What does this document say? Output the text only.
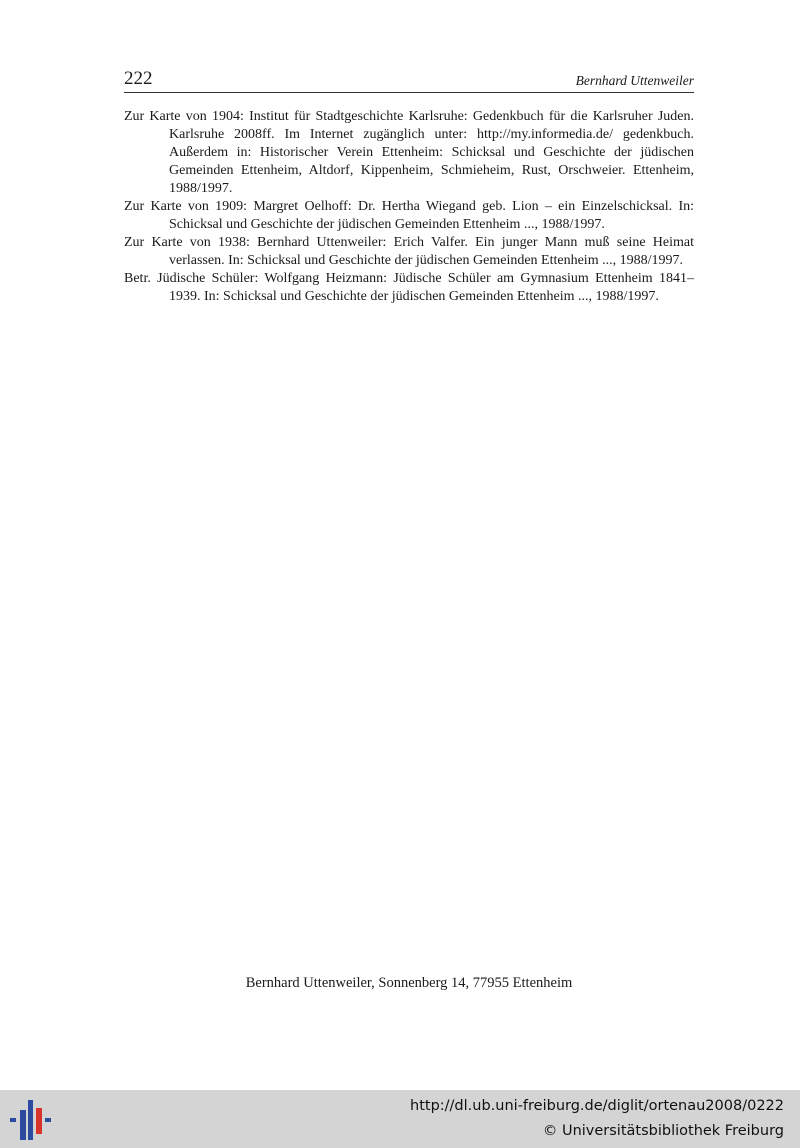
222	Bernhard Uttenweiler
Zur Karte von 1904: Institut für Stadtgeschichte Karlsruhe: Gedenkbuch für die Karlsruher Juden. Karlsruhe 2008ff. Im Internet zugänglich unter: http://my.informedia.de/ gedenkbuch. Außerdem in: Historischer Verein Ettenheim: Schicksal und Geschichte der jüdischen Gemeinden Ettenheim, Altdorf, Kippenheim, Schmieheim, Rust, Orschweier. Ettenheim, 1988/1997.
Zur Karte von 1909: Margret Oelhoff: Dr. Hertha Wiegand geb. Lion – ein Einzelschicksal. In: Schicksal und Geschichte der jüdischen Gemeinden Ettenheim ..., 1988/1997.
Zur Karte von 1938: Bernhard Uttenweiler: Erich Valfer. Ein junger Mann muß seine Heimat verlassen. In: Schicksal und Geschichte der jüdischen Gemeinden Ettenheim ..., 1988/1997.
Betr. Jüdische Schüler: Wolfgang Heizmann: Jüdische Schüler am Gymnasium Ettenheim 1841–1939. In: Schicksal und Geschichte der jüdischen Gemeinden Ettenheim ..., 1988/1997.
Bernhard Uttenweiler, Sonnenberg 14, 77955 Ettenheim
http://dl.ub.uni-freiburg.de/diglit/ortenau2008/0222
© Universitätsbibliothek Freiburg
